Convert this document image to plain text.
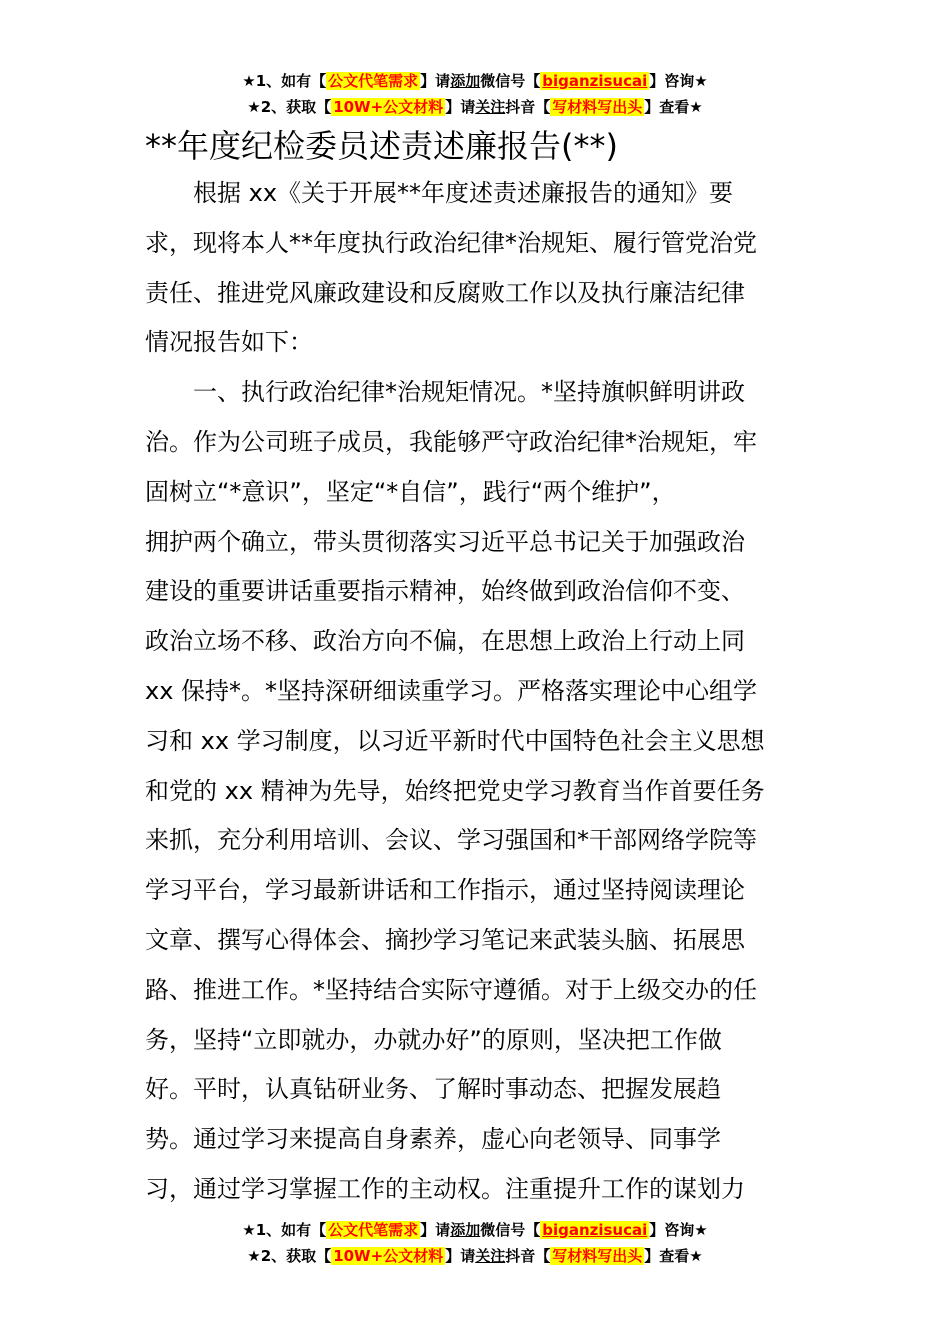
★1、如有【 公文代笔需求 】请添加微信号【 biganzisucai 】咨询★
★2、获取【 10W+公文材料 】请关注抖音【 写材料写出头 】查看★
**年度纪检委员述责述廉报告(**)
　　根据 xx《关于开展**年度述责述廉报告的通知》要
求，现将本人**年度执行政治纪律*治规矩、履行管党治党
责任、推进党风廉政建设和反腐败工作以及执行廉洁纪律
情况报告如下：
　　一、执行政治纪律*治规矩情况。*坚持旗帜鲜明讲政
治。作为公司班子成员，我能够严守政治纪律*治规矩，牢
固树立“*意识”，坚定“*自信”，践行“两个维护”，
拥护两个确立，带头贯彻落实习近平总书记关于加强政治
建设的重要讲话重要指示精神，始终做到政治信仰不变、
政治立场不移、政治方向不偏，在思想上政治上行动上同
xx 保持*。*坚持深研细读重学习。严格落实理论中心组学
习和 xx 学习制度，以习近平新时代中国特色社会主义思想
和党的 xx 精神为先导，始终把党史学习教育当作首要任务
来抓，充分利用培训、会议、学习强国和*干部网络学院等
学习平台，学习最新讲话和工作指示，通过坚持阅读理论
文章、撰写心得体会、摘抄学习笔记来武装头脑、拓展思
路、推进工作。*坚持结合实际守遵循。对于上级交办的任
务，坚持“立即就办，办就办好”的原则，坚决把工作做
好。平时，认真钻研业务、了解时事动态、把握发展趋
势。通过学习来提高自身素养，虚心向老领导、同事学
习，通过学习掌握工作的主动权。注重提升工作的谋划力
★1、如有【 公文代笔需求 】请添加微信号【 biganzisucai 】咨询★
★2、获取【 10W+公文材料 】请关注抖音【 写材料写出头 】查看★
